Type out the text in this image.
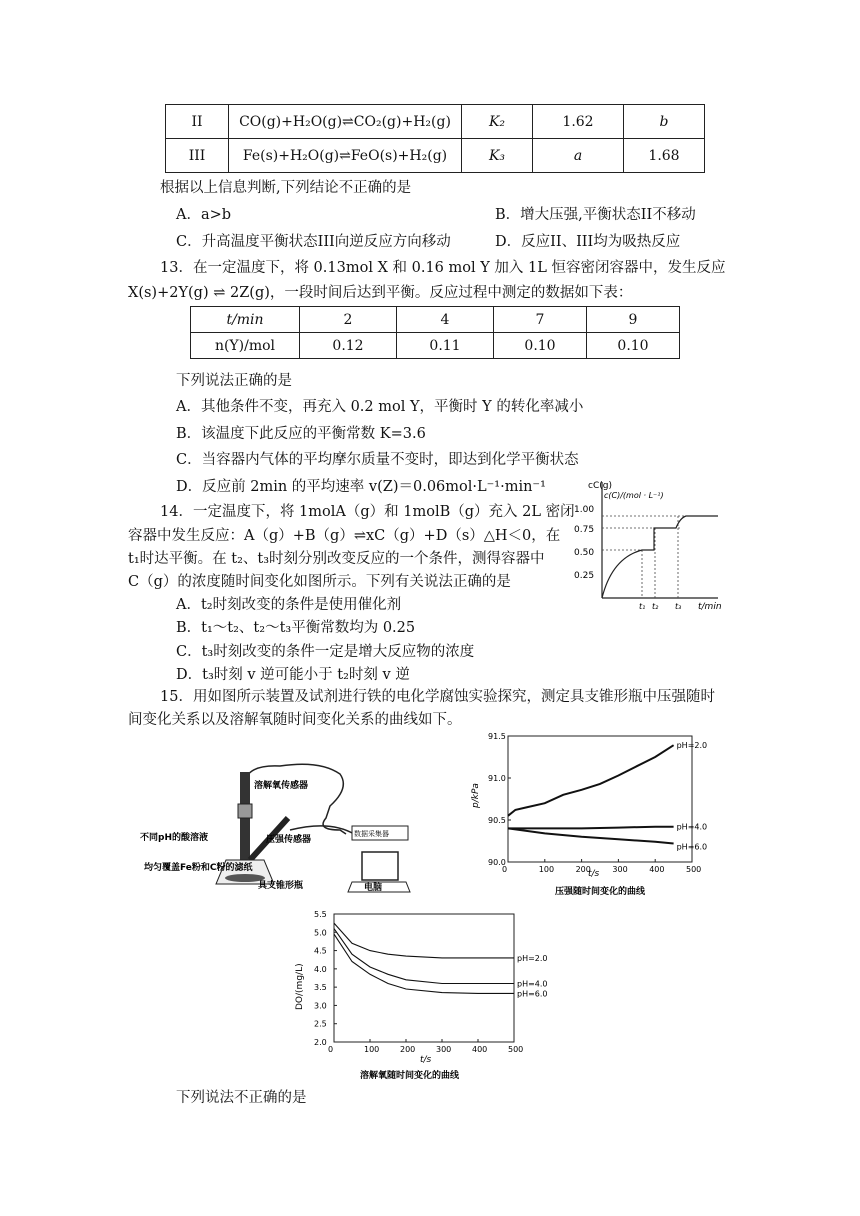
II	CO(g)+H₂O(g)⇌CO₂(g)+H₂(g)	K₂	1.62	b
III	Fe(s)+H₂O(g)⇌FeO(s)+H₂(g)	K₃	a	1.68
根据以上信息判断,下列结论不正确的是
A．a>b	B．增大压强,平衡状态II不移动
C．升高温度平衡状态III向逆反应方向移动	D．反应II、III均为吸热反应
13．在一定温度下，将 0.13mol X 和 0.16 mol Y 加入 1L 恒容密闭容器中，发生反应
X(s)+2Y(g) ⇌ 2Z(g)，一段时间后达到平衡。反应过程中测定的数据如下表：
t/min	2	4	7	9
n(Y)/mol	0.12	0.11	0.10	0.10
下列说法正确的是
A．其他条件不变，再充入 0.2 mol Y，平衡时 Y 的转化率减小
B．该温度下此反应的平衡常数 K=3.6
C．当容器内气体的平均摩尔质量不变时，即达到化学平衡状态
D．反应前 2min 的平均速率 v(Z)＝0.06mol·L⁻¹·min⁻¹
14．一定温度下，将 1molA（g）和 1molB（g）充入 2L 密闭
容器中发生反应：A（g）+B（g）⇌xC（g）+D（s）△H＜0，在
t₁时达平衡。在 t₂、t₃时刻分别改变反应的一个条件，测得容器中
C（g）的浓度随时间变化如图所示。下列有关说法正确的是
A．t₂时刻改变的条件是使用催化剂
B．t₁～t₂、t₂～t₃平衡常数均为 0.25
C．t₃时刻改变的条件一定是增大反应物的浓度
D．t₃时刻 v 逆可能小于 t₂时刻 v 逆
cC(g)
c(C)/(mol · L⁻¹)
1.00
0.75
0.50
0.25
t₁ t₂ t₃ t/min
15．用如图所示装置及试剂进行铁的电化学腐蚀实验探究，测定具支锥形瓶中压强随时
间变化关系以及溶解氧随时间变化关系的曲线如下。
溶解氧传感器
压强传感器
不同pH的酸溶液
均匀覆盖Fe粉和C粉的滤纸
具支锥形瓶
数据采集器
电脑
0	100	200	300	400	500
90.0
90.5
91.0
91.5
pH=2.0
pH=4.0
pH=6.0
压强随时间变化的曲线
t/s
p/kPa
0	100	200	300	400	500
2.0
2.5
3.0
3.5
4.0
4.5
5.0
5.5
pH=2.0
pH=4.0
pH=6.0
溶解氧随时间变化的曲线
t/s
DO/(mg/L)
下列说法不正确的是
